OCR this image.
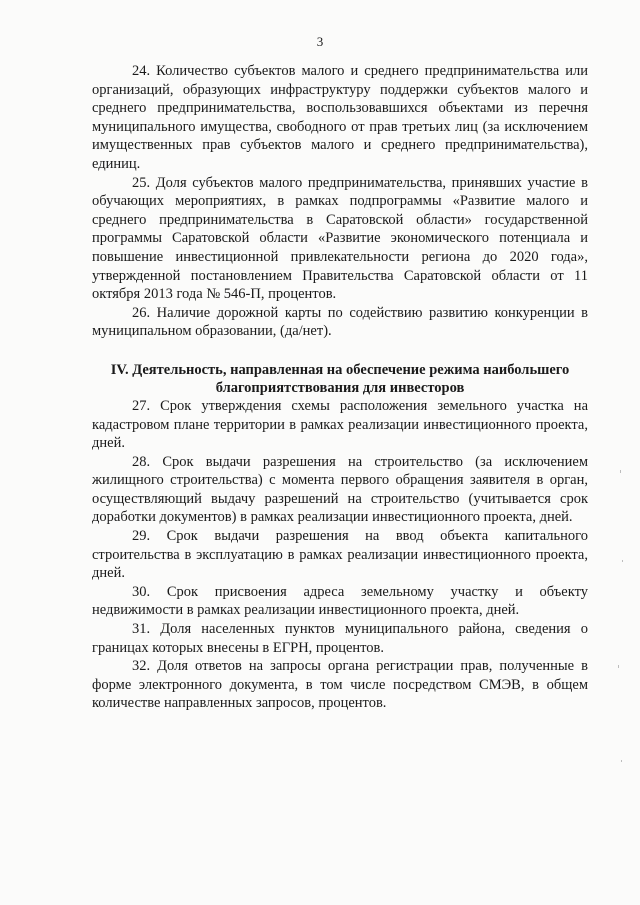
3

24. Количество субъектов малого и среднего предпринимательства или организаций, образующих инфраструктуру поддержки субъектов малого и среднего предпринимательства, воспользовавшихся объектами из перечня муниципального имущества, свободного от прав третьих лиц (за исключением имущественных прав субъектов малого и среднего предпринимательства), единиц.

25. Доля субъектов малого предпринимательства, принявших участие в обучающих мероприятиях, в рамках подпрограммы «Развитие малого и среднего предпринимательства в Саратовской области» государственной программы Саратовской области «Развитие экономического потенциала и повышение инвестиционной привлекательности региона до 2020 года», утвержденной постановлением Правительства Саратовской области от 11 октября 2013 года № 546-П, процентов.

26. Наличие дорожной карты по содействию развитию конкуренции в муниципальном образовании, (да/нет).

IV. Деятельность, направленная на обеспечение режима наибольшего
благоприятствования для инвесторов

27. Срок утверждения схемы расположения земельного участка на кадастровом плане территории в рамках реализации инвестиционного проекта, дней.

28. Срок выдачи разрешения на строительство (за исключением жилищного строительства) с момента первого обращения заявителя в орган, осуществляющий выдачу разрешений на строительство (учитывается срок доработки документов) в рамках реализации инвестиционного проекта, дней.

29. Срок выдачи разрешения на ввод объекта капитального строительства в эксплуатацию в рамках реализации инвестиционного проекта, дней.

30. Срок присвоения адреса земельному участку и объекту недвижимости в рамках реализации инвестиционного проекта, дней.

31. Доля населенных пунктов муниципального района, сведения о границах которых внесены в ЕГРН, процентов.

32. Доля ответов на запросы органа регистрации прав, полученные в форме электронного документа, в том числе посредством СМЭВ, в общем количестве направленных запросов, процентов.
